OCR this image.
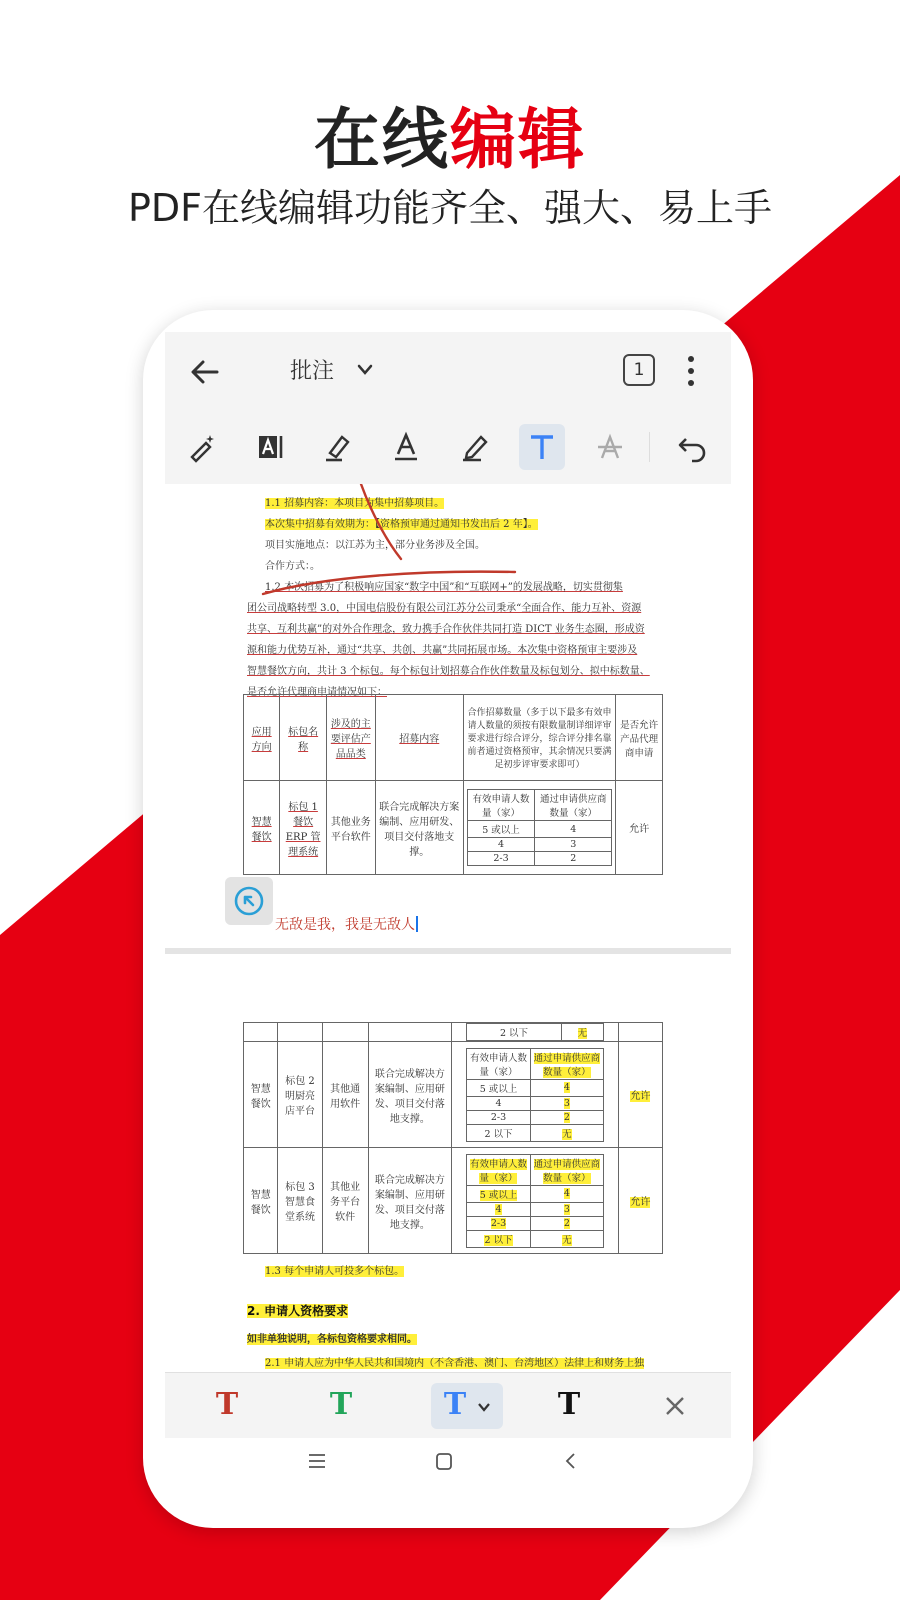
在线编辑
PDF在线编辑功能齐全、强大、易上手
批注	1
1.1 招募内容：本项目为集中招募项目。
本次集中招募有效期为：【资格预审通过通知书发出后 2 年】。
项目实施地点：以江苏为主，部分业务涉及全国。
合作方式：。
1.2 本次招募为了积极响应国家“数字中国”和“互联网+”的发展战略，切实贯彻集
团公司战略转型 3.0，中国电信股份有限公司江苏分公司秉承“全面合作、能力互补、资源
共享、互利共赢”的对外合作理念，致力携手合作伙伴共同打造 DICT 业务生态圈，形成资
源和能力优势互补，通过“共享、共创、共赢”共同拓展市场。本次集中资格预审主要涉及
智慧餐饮方向，共计 3 个标包。每个标包计划招募合作伙伴数量及标包划分、拟中标数量、
是否允许代理商申请情况如下：
应用方向	标包名称	涉及的主要评估产品品类	招募内容	合作招募数量（多于以下最多有效申请人数量的须按有限数量制详细评审要求进行综合评分，综合评分排名靠前者通过资格预审，其余情况只要满足初步评审要求即可）	是否允许产品代理商申请
智慧餐饮	标包 1 餐饮 ERP 管理系统	其他业务平台软件	联合完成解决方案编制、应用研发、项目交付落地支撑。	
有效申请人数量（家）	通过申请供应商数量（家）
5 或以上	4
4	3
2-3	2
	允许
无敌是我，我是无敌人

2 以下	无

智慧餐饮	标包 2 明厨亮店平台	其他通用软件	联合完成解决方案编制、应用研发、项目交付落地支撑。	
有效申请人数量（家）	通过申请供应商数量（家）
5 或以上	4
4	3
2-3	2
2 以下	无
	允许
智慧餐饮	标包 3 智慧食堂系统	其他业务平台软件	联合完成解决方案编制、应用研发、项目交付落地支撑。	
有效申请人数量（家）	通过申请供应商数量（家）
5 或以上	4
4	3
2-3	2
2 以下	无
	允许
1.3 每个申请人可投多个标包。
2. 申请人资格要求
如非单独说明，各标包资格要求相同。
2.1 申请人应为中华人民共和国境内（不含香港、澳门、台湾地区）法律上和财务上独
T	T	T	T
